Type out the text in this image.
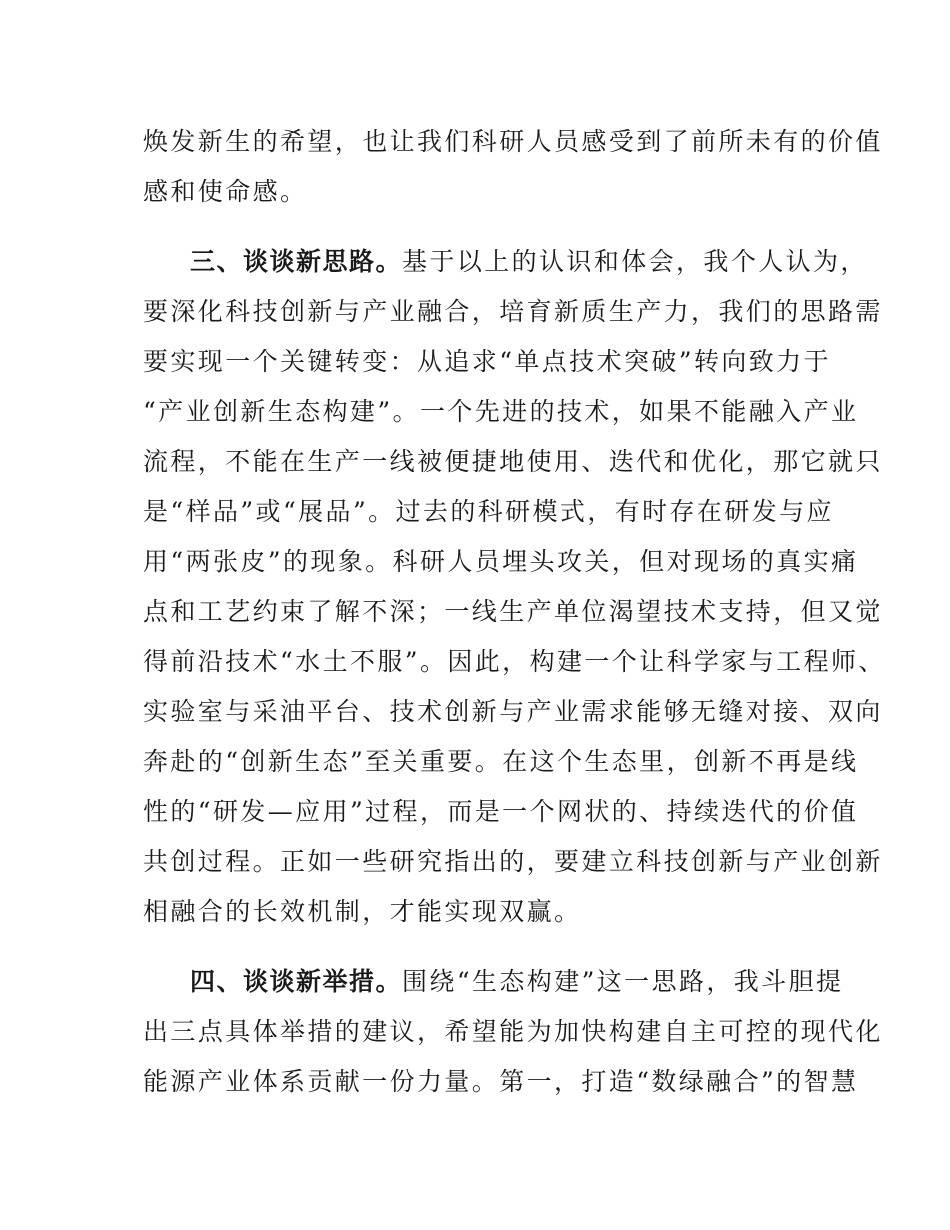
焕发新生的希望，也让我们科研人员感受到了前所未有的价值
感和使命感。
三、谈谈新思路。基于以上的认识和体会，我个人认为，
要深化科技创新与产业融合，培育新质生产力，我们的思路需
要实现一个关键转变：从追求“单点技术突破”转向致力于
“产业创新生态构建”。一个先进的技术，如果不能融入产业
流程，不能在生产一线被便捷地使用、迭代和优化，那它就只
是“样品”或“展品”。过去的科研模式，有时存在研发与应
用“两张皮”的现象。科研人员埋头攻关，但对现场的真实痛
点和工艺约束了解不深；一线生产单位渴望技术支持，但又觉
得前沿技术“水土不服”。因此，构建一个让科学家与工程师、
实验室与采油平台、技术创新与产业需求能够无缝对接、双向
奔赴的“创新生态”至关重要。在这个生态里，创新不再是线
性的“研发—应用”过程，而是一个网状的、持续迭代的价值
共创过程。正如一些研究指出的，要建立科技创新与产业创新
相融合的长效机制，才能实现双赢。
四、谈谈新举措。围绕“生态构建”这一思路，我斗胆提
出三点具体举措的建议，希望能为加快构建自主可控的现代化
能源产业体系贡献一份力量。第一，打造“数绿融合”的智慧
